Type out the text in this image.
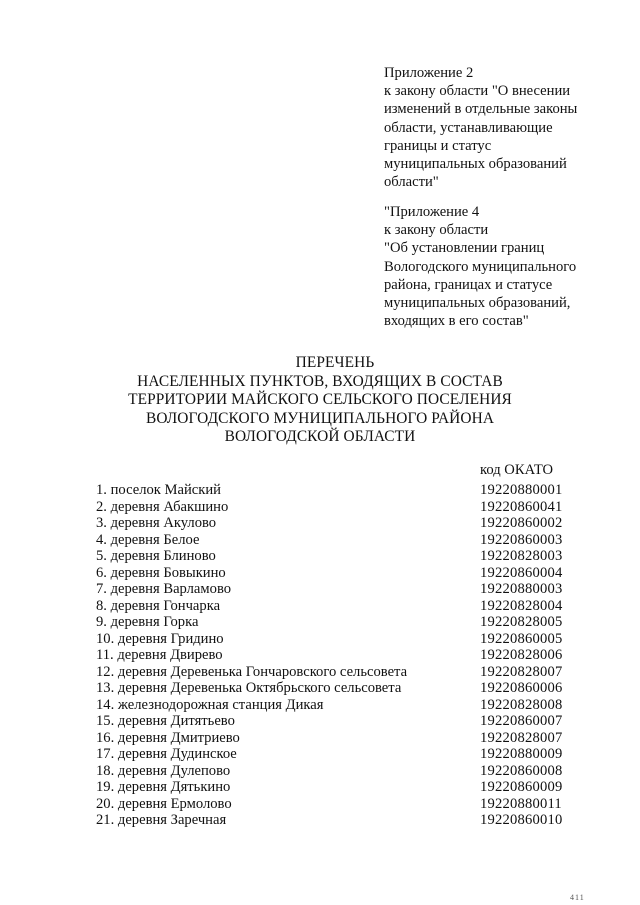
Приложение 2
к закону области "О внесении
изменений в отдельные законы
области, устанавливающие
границы и статус
муниципальных образований
области"
"Приложение 4
к закону области
"Об установлении границ
Вологодского муниципального
района, границах и статусе
муниципальных образований,
входящих в его состав"
ПЕРЕЧЕНЬ
НАСЕЛЕННЫХ ПУНКТОВ, ВХОДЯЩИХ В СОСТАВ
ТЕРРИТОРИИ МАЙСКОГО СЕЛЬСКОГО ПОСЕЛЕНИЯ
ВОЛОГОДСКОГО МУНИЦИПАЛЬНОГО РАЙОНА
ВОЛОГОДСКОЙ ОБЛАСТИ
код ОКАТО
1. поселок Майский	19220880001
2. деревня Абакшино	19220860041
3. деревня Акулово	19220860002
4. деревня Белое	19220860003
5. деревня Блиново	19220828003
6. деревня Бовыкино	19220860004
7. деревня Варламово	19220880003
8. деревня Гончарка	19220828004
9. деревня Горка	19220828005
10. деревня Гридино	19220860005
11. деревня Двирево	19220828006
12. деревня Деревенька Гончаровского сельсовета	19220828007
13. деревня Деревенька Октябрьского сельсовета	19220860006
14. железнодорожная станция Дикая	19220828008
15. деревня Дитятьево	19220860007
16. деревня Дмитриево	19220828007
17. деревня Дудинское	19220880009
18. деревня Дулепово	19220860008
19. деревня Дятькино	19220860009
20. деревня Ермолово	19220880011
21. деревня Заречная	19220860010
411
